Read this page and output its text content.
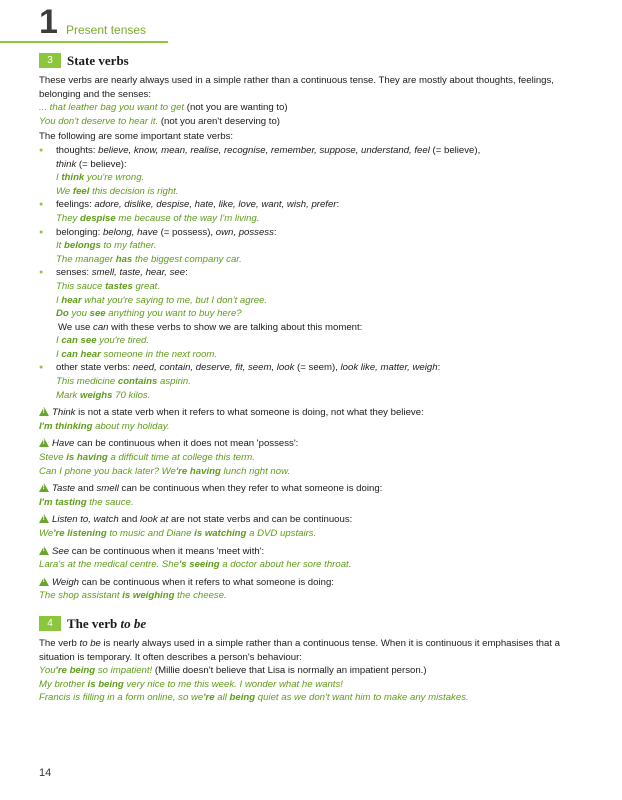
1 Present tenses
3	State verbs

These verbs are nearly always used in a simple rather than a continuous tense. They are mostly about thoughts, feelings, belonging and the senses:

... that leather bag you want to get (not you are wanting to)

You don't deserve to hear it. (not you aren't deserving to)

The following are some important state verbs:

● thoughts: believe, know, mean, realise, recognise, remember, suppose, understand, feel (= believe),
think (= believe):
I think you're wrong.
We feel this decision is right.
● feelings: adore, dislike, despise, hate, like, love, want, wish, prefer:
They despise me because of the way I'm living.
● belonging: belong, have (= possess), own, possess:
It belongs to my father.
The manager has the biggest company car.
● senses: smell, taste, hear, see:
This sauce tastes great.
I hear what you're saying to me, but I don't agree.
Do you see anything you want to buy here?
We use can with these verbs to show we are talking about this moment:
I can see you're tired.
I can hear someone in the next room.
● other state verbs: need, contain, deserve, fit, seem, look (= seem), look like, matter, weigh:
This medicine contains aspirin.
Mark weighs 70 kilos.
!Think is not a state verb when it refers to what someone is doing, not what they believe:
I'm thinking about my holiday.
!Have can be continuous when it does not mean 'possess':
Steve is having a difficult time at college this term.
Can I phone you back later? We're having lunch right now.
!Taste and smell can be continuous when they refer to what someone is doing:
I'm tasting the sauce.
!Listen to, watch and look at are not state verbs and can be continuous:
We're listening to music and Diane is watching a DVD upstairs.
!See can be continuous when it means 'meet with':
Lara's at the medical centre. She's seeing a doctor about her sore throat.
!Weigh can be continuous when it refers to what someone is doing:
The shop assistant is weighing the cheese.
4	The verb to be

The verb to be is nearly always used in a simple rather than a continuous tense. When it is continuous it emphasises that a situation is temporary. It often describes a person's behaviour:

You're being so impatient! (Millie doesn't believe that Lisa is normally an impatient person.)

My brother is being very nice to me this week. I wonder what he wants!

Francis is filling in a form online, so we're all being quiet as we don't want him to make any mistakes.

14
